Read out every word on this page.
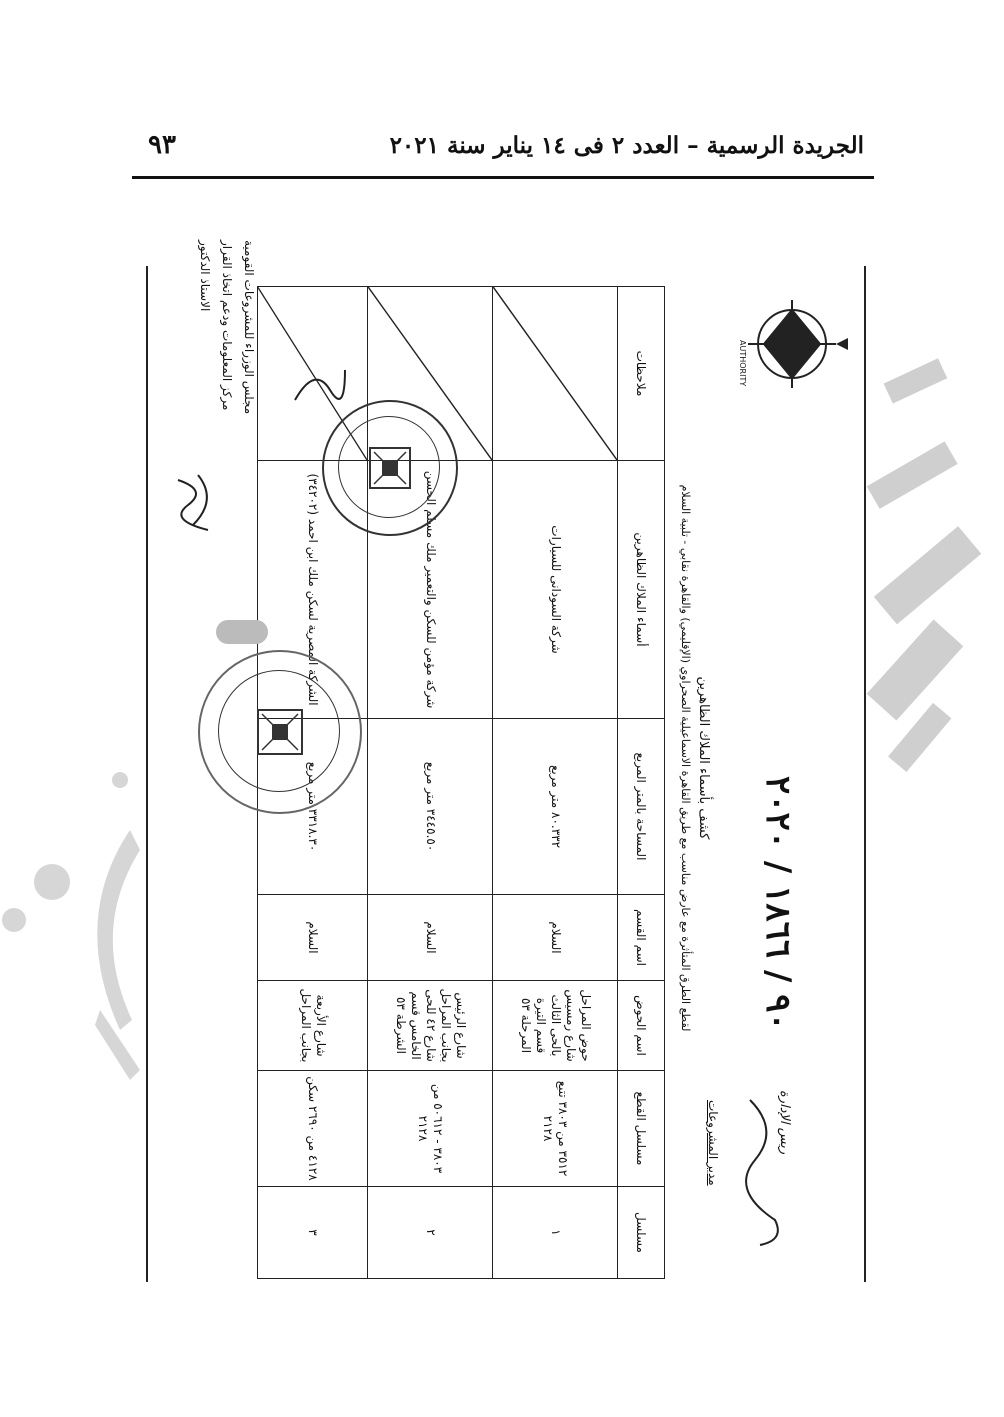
٩٣	الجريدة الرسمية – العدد ٢ فى ١٤ يناير سنة ٢٠٢١
AUTHORITY
كشف بأسماء الملاك الظاهرين
لقطع الطرق المتأثرة مع عارض مناسب مع طريق القاهرة الاسماعيلية الصحراوي (الإقليمي) والقاهرة نقابي - تلبية السلام
مسلسل	مسلسل القطع	اسم الحوض	اسم القسم	المساحة بالمتر المربع	أسماء الملاك الظاهرين	ملاحظات
١	٣٥١٢ من ٣٨٠٣ تتبع ٢١٢٨	حوض المراحل شارع رمسيس بالحى الثالث قسم التيرة المرحلة ٥٣	السلام	٨٠.٣٣٢ متر مربع	شركة السودانى للسيارات	

٢	٣٨٠٣ - ٥٠٦١٢ من ٢١٢٨	شارع الرئيس بجانب المراحل شارع ٤٢ للحى الخامس قسم الشرطة ٥٣	السلام	٣٤٤٥.٥٠ متر مربع	شركة مؤمن للسكن والتعمير ملك مسلم الحسن	

٣	٤١٢٨ من ٢٦٩٠ سكن	شارع الأربعة بجانب المراحل	السلام	٣٣١٨.٣٠ متر مربع	الشركة المصرية لسكن ملك ابن احمد (٣٤٢٠٢)	
٩٠ / ١٨٦٦ / ٢٠٢٠
مجلس الوزراء للمشروعات القومية
مركز المعلومات ودعم اتخاذ القرار
الاستاذ الدكتور
مدير المشروعات	ريس الإدارة
